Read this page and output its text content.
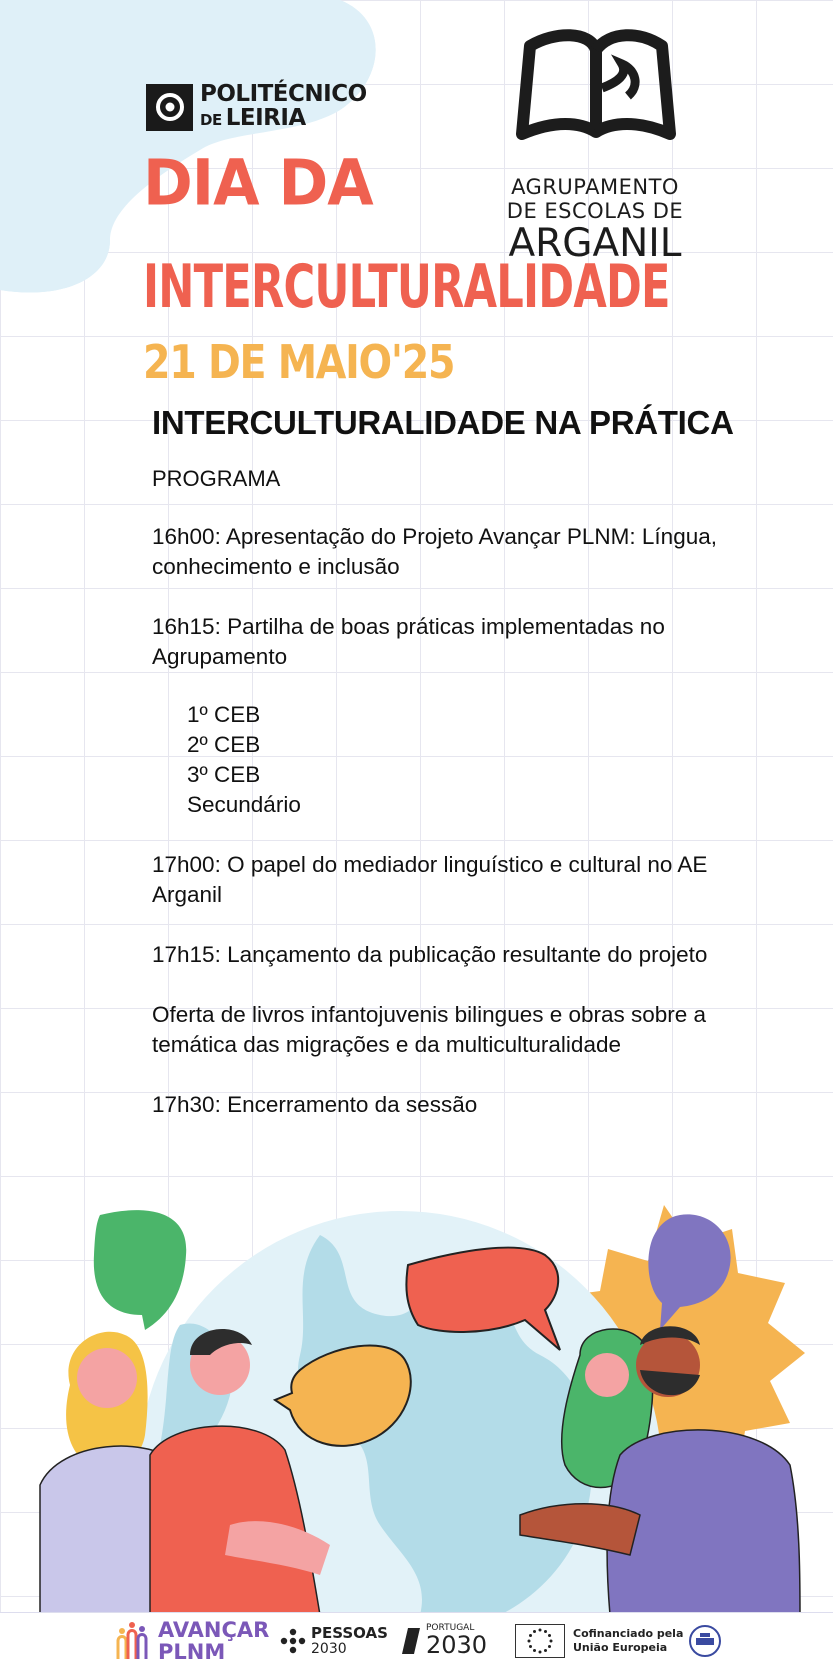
POLITÉCNICO
DE LEIRIA
AGRUPAMENTO
DE ESCOLAS DE
ARGANIL
DIA DA
INTERCULTURALIDADE
21 DE MAIO'25
INTERCULTURALIDADE NA PRÁTICA
PROGRAMA
16h00: Apresentação do Projeto Avançar PLNM: Língua, conhecimento e inclusão
16h15: Partilha de boas práticas implementadas no Agrupamento
1º CEB
2º CEB
3º CEB
Secundário
17h00: O papel do mediador linguístico e cultural no AE Arganil
17h15: Lançamento da publicação resultante do projeto
Oferta de livros infantojuvenis bilingues e obras sobre a temática das migrações e da multiculturalidade
17h30: Encerramento da sessão
AVANÇAR
PLNM
PESSOAS
2030
PORTUGAL
2030	Cofinanciado pela
União Europeia
